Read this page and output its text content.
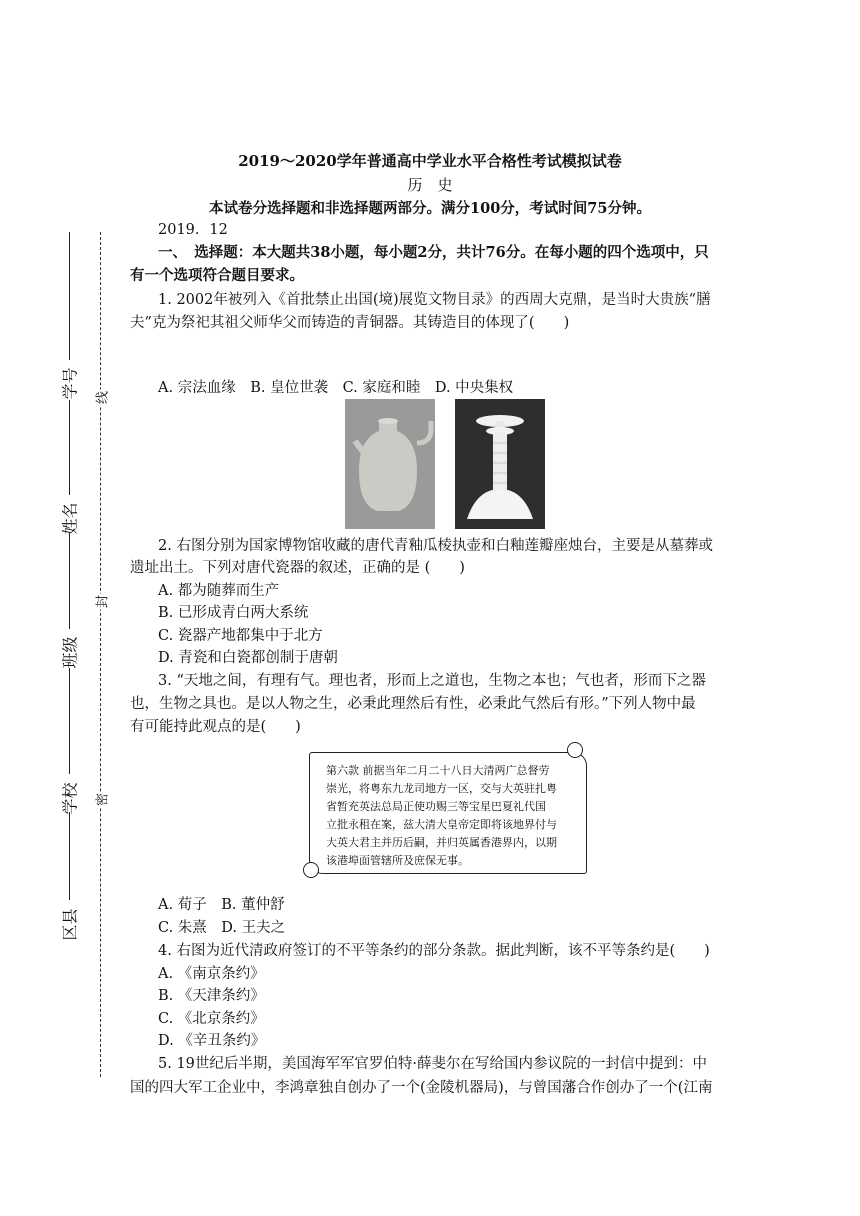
2019～2020学年普通高中学业水平合格性考试模拟试卷
历　史
本试卷分选择题和非选择题两部分。满分100分，考试时间75分钟。
2019．12
学号
姓名
班级
学校
区县
线
封
密
一、　选择题：本大题共38小题，每小题2分，共计76分。在每小题的四个选项中，只
有一个选项符合题目要求。
1. 2002年被列入《首批禁止出国(境)展览文物目录》的西周大克鼎，是当时大贵族“膳
夫”克为祭祀其祖父师华父而铸造的青铜器。其铸造目的体现了(　　)
A. 宗法血缘　B. 皇位世袭　C. 家庭和睦　D. 中央集权
2. 右图分别为国家博物馆收藏的唐代青釉瓜棱执壶和白釉莲瓣座烛台，主要是从墓葬或
遗址出土。下列对唐代瓷器的叙述，正确的是 (　　)
A. 都为随葬而生产
B. 已形成青白两大系统
C. 瓷器产地都集中于北方
D. 青瓷和白瓷都创制于唐朝
3. “天地之间，有理有气。理也者，形而上之道也，生物之本也；气也者，形而下之器
也，生物之具也。是以人物之生，必秉此理然后有性，必秉此气然后有形。”下列人物中最
有可能持此观点的是(　　)
第六款 前据当年二月二十八日大清两广总督劳
崇光，将粤东九龙司地方一区，交与大英驻扎粤
省暂充英法总局正使功赐三等宝星巴夏礼代国
立批永租在案，兹大清大皇帝定即将该地界付与
大英大君主并历后嗣，并归英属香港界内，以期
该港埠面管辖所及庶保无事。
A. 荀子　B. 董仲舒
C. 朱熹　D. 王夫之
4. 右图为近代清政府签订的不平等条约的部分条款。据此判断，该不平等条约是(　　)
A. 《南京条约》
B. 《天津条约》
C. 《北京条约》
D. 《辛丑条约》
5. 19世纪后半期，美国海军军官罗伯特·薛斐尔在写给国内参议院的一封信中提到：中
国的四大军工企业中，李鸿章独自创办了一个(金陵机器局)，与曾国藩合作创办了一个(江南
